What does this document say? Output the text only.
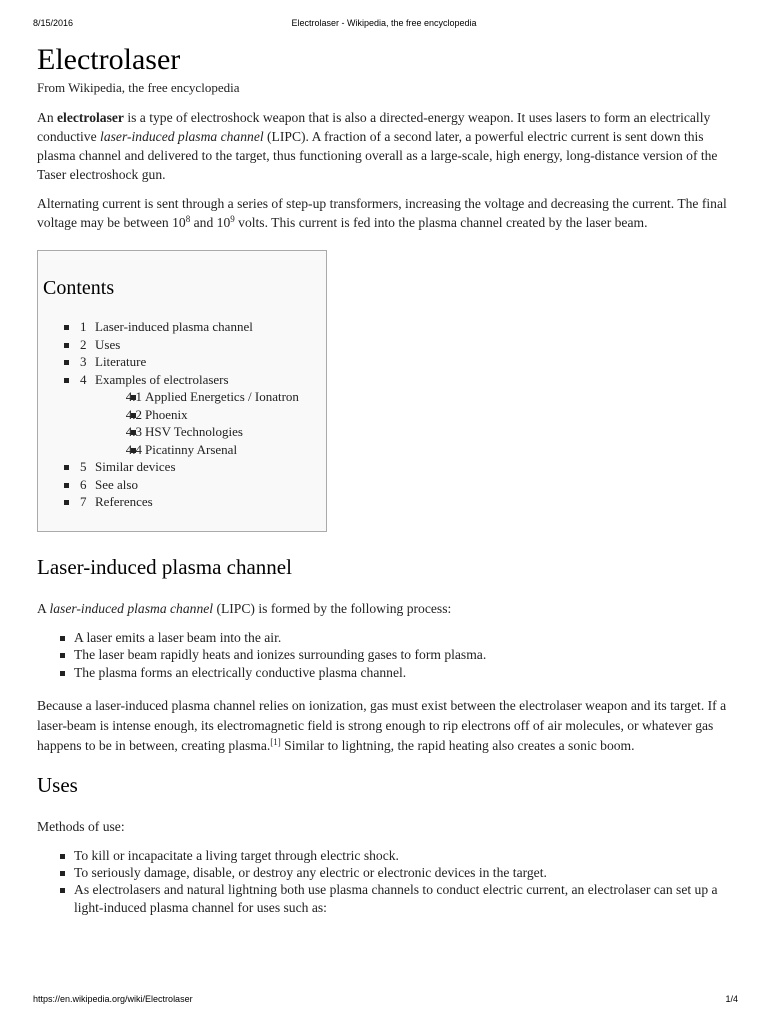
8/15/2016	Electrolaser - Wikipedia, the free encyclopedia
Electrolaser
From Wikipedia, the free encyclopedia

An electrolaser is a type of electroshock weapon that is also a directed-energy weapon. It uses lasers to form an electrically conductive laser-induced plasma channel (LIPC). A fraction of a second later, a powerful electric current is sent down this plasma channel and delivered to the target, thus functioning overall as a large-scale, high energy, long-distance version of the Taser electroshock gun.

Alternating current is sent through a series of step-up transformers, increasing the voltage and decreasing the current. The final voltage may be between $10^8$ and $10^9$ volts. This current is fed into the plasma channel created by the laser beam.

Contents
1 Laser-induced plasma channel
2 Uses
3 Literature
4 Examples of electrolasers
4.1 Applied Energetics / Ionatron
4.2 Phoenix
4.3 HSV Technologies
4.4 Picatinny Arsenal
5 Similar devices
6 See also
7 References
Laser-induced plasma channel

A laser-induced plasma channel (LIPC) is formed by the following process:

A laser emits a laser beam into the air.
The laser beam rapidly heats and ionizes surrounding gases to form plasma.
The plasma forms an electrically conductive plasma channel.

Because a laser-induced plasma channel relies on ionization, gas must exist between the electrolaser weapon and its target. If a laser-beam is intense enough, its electromagnetic field is strong enough to rip electrons off of air molecules, or whatever gas happens to be in between, creating plasma.[1] Similar to lightning, the rapid heating also creates a sonic boom.

Uses

Methods of use:

To kill or incapacitate a living target through electric shock.
To seriously damage, disable, or destroy any electric or electronic devices in the target.
As electrolasers and natural lightning both use plasma channels to conduct electric current, an electrolaser can set up a light-induced plasma channel for uses such as:
https://en.wikipedia.org/wiki/Electrolaser	1/4
